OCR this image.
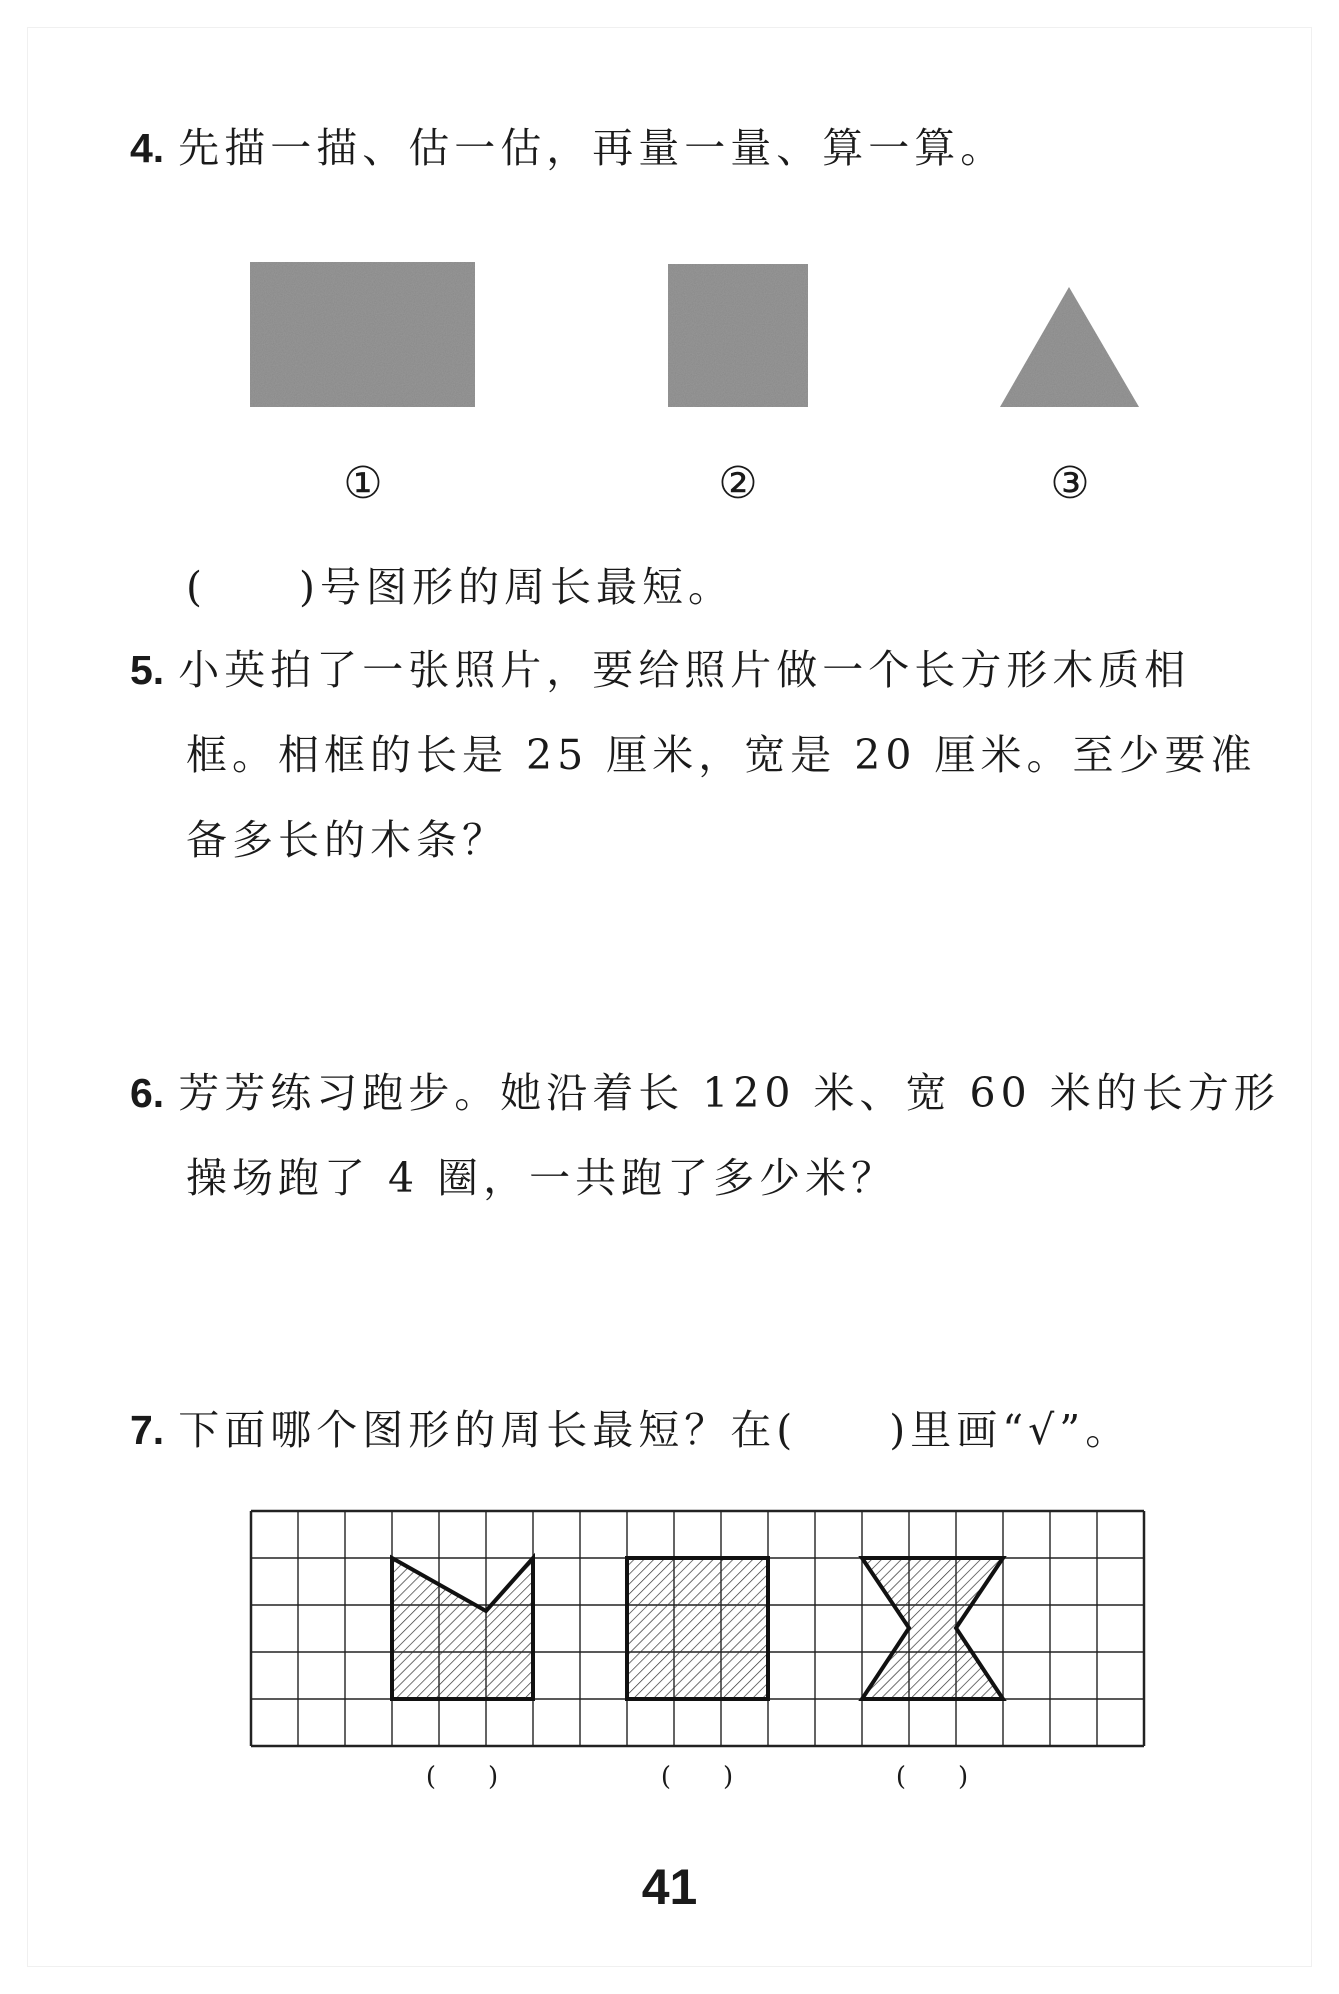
4. 先描一描、估一估，再量一量、算一算。
①	②	③
(　　)号图形的周长最短。
5. 小英拍了一张照片，要给照片做一个长方形木质相
框。相框的长是 25 厘米，宽是 20 厘米。至少要准
备多长的木条？
6. 芳芳练习跑步。她沿着长 120 米、宽 60 米的长方形
操场跑了 4 圈，一共跑了多少米？
7. 下面哪个图形的周长最短？在(　　)里画“√”。
(　　)	(　　)	(　　)
41
